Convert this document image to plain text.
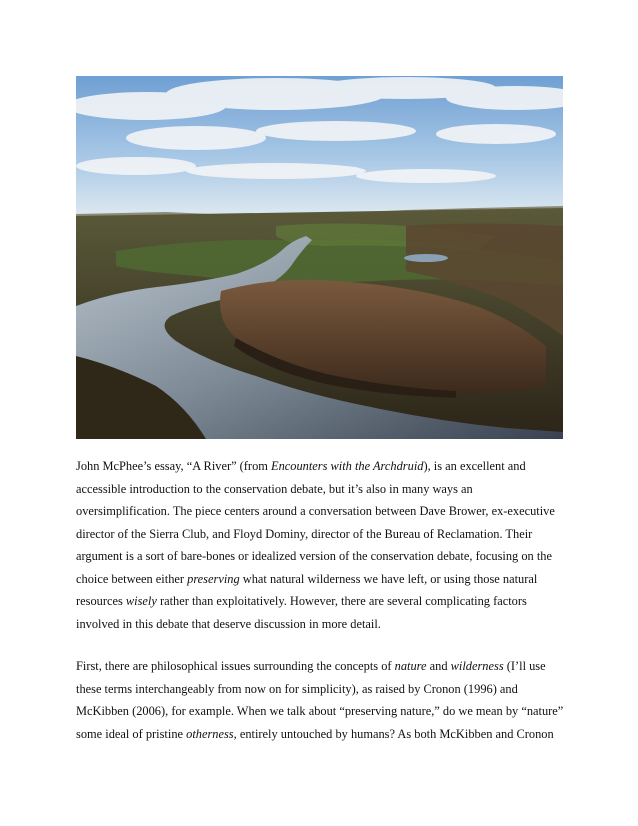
John McPhee’s essay, “A River” (from Encounters with the Archdruid), is an excellent and
accessible introduction to the conservation debate, but it’s also in many ways an
oversimplification. The piece centers around a conversation between Dave Brower, ex-executive
director of the Sierra Club, and Floyd Dominy, director of the Bureau of Reclamation. Their
argument is a sort of bare-bones or idealized version of the conservation debate, focusing on the
choice between either preserving what natural wilderness we have left, or using those natural
resources wisely rather than exploitatively. However, there are several complicating factors
involved in this debate that deserve discussion in more detail.
First, there are philosophical issues surrounding the concepts of nature and wilderness (I’ll use
these terms interchangeably from now on for simplicity), as raised by Cronon (1996) and
McKibben (2006), for example. When we talk about “preserving nature,” do we mean by “nature”
some ideal of pristine otherness, entirely untouched by humans? As both McKibben and Cronon
